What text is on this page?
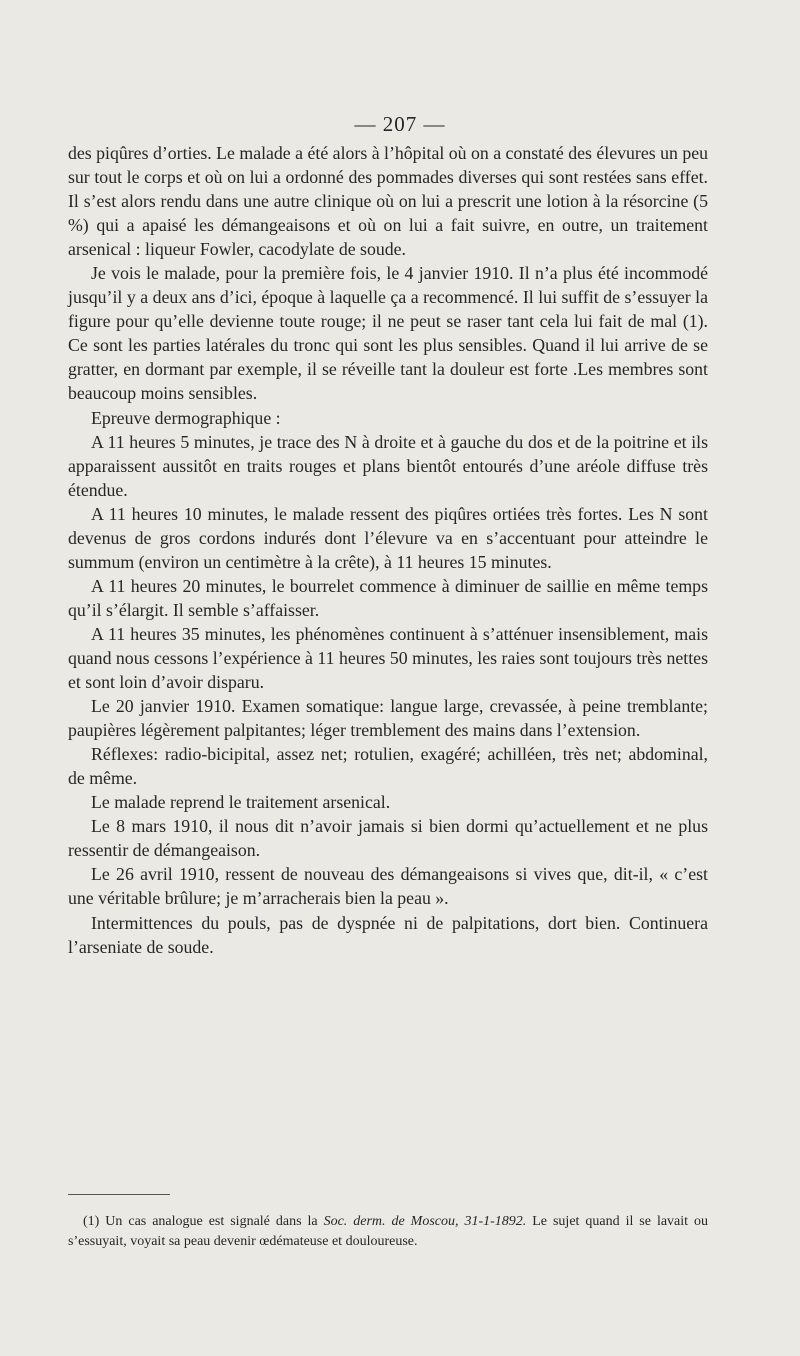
— 207 —

des piqûres d’orties. Le malade a été alors à l’hôpital où on a constaté des élevures un peu sur tout le corps et où on lui a ordonné des pommades diverses qui sont restées sans effet. Il s’est alors rendu dans une autre clinique où on lui a prescrit une lotion à la résorcine (5 %) qui a apaisé les démangeaisons et où on lui a fait suivre, en outre, un traitement arsenical : liqueur Fowler, cacodylate de soude.

Je vois le malade, pour la première fois, le 4 janvier 1910. Il n’a plus été incommodé jusqu’il y a deux ans d’ici, époque à laquelle ça a recommencé. Il lui suffit de s’essuyer la figure pour qu’elle devienne toute rouge; il ne peut se raser tant cela lui fait de mal (1). Ce sont les parties latérales du tronc qui sont les plus sensibles. Quand il lui arrive de se gratter, en dormant par exemple, il se réveille tant la douleur est forte .Les membres sont beaucoup moins sensibles.

Epreuve dermographique :

A 11 heures 5 minutes, je trace des N à droite et à gauche du dos et de la poitrine et ils apparaissent aussitôt en traits rouges et plans bientôt entourés d’une aréole diffuse très étendue.

A 11 heures 10 minutes, le malade ressent des piqûres ortiées très fortes. Les N sont devenus de gros cordons indurés dont l’élevure va en s’accentuant pour atteindre le summum (environ un centimètre à la crête), à 11 heures 15 minutes.

A 11 heures 20 minutes, le bourrelet commence à diminuer de saillie en même temps qu’il s’élargit. Il semble s’affaisser.

A 11 heures 35 minutes, les phénomènes continuent à s’atténuer insensiblement, mais quand nous cessons l’expérience à 11 heures 50 minutes, les raies sont toujours très nettes et sont loin d’avoir disparu.

Le 20 janvier 1910. Examen somatique: langue large, crevassée, à peine tremblante; paupières légèrement palpitantes; léger tremblement des mains dans l’extension.

Réflexes: radio-bicipital, assez net; rotulien, exagéré; achilléen, très net; abdominal, de même.

Le malade reprend le traitement arsenical.

Le 8 mars 1910, il nous dit n’avoir jamais si bien dormi qu’actuellement et ne plus ressentir de démangeaison.

Le 26 avril 1910, ressent de nouveau des démangeaisons si vives que, dit-il, « c’est une véritable brûlure; je m’arracherais bien la peau ».

Intermittences du pouls, pas de dyspnée ni de palpitations, dort bien. Continuera l’arseniate de soude.

(1) Un cas analogue est signalé dans la Soc. derm. de Moscou, 31-1-1892. Le sujet quand il se lavait ou s’essuyait, voyait sa peau devenir œdémateuse et douloureuse.
